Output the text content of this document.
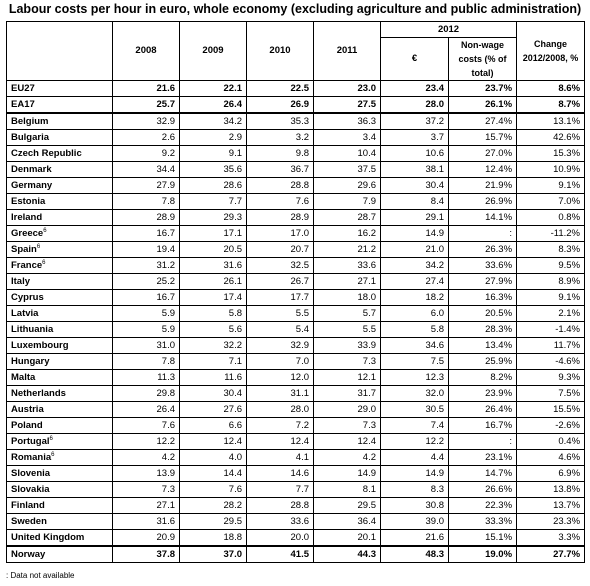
Labour costs per hour in euro, whole economy (excluding agriculture and public administration)
	2008	2009	2010	2011	2012		Change 2012/2008, %
					€	Non-wage costs (% of total)	
EU27	21.6	22.1	22.5	23.0	23.4	23.7%	8.6%
EA17	25.7	26.4	26.9	27.5	28.0	26.1%	8.7%
Belgium	32.9	34.2	35.3	36.3	37.2	27.4%	13.1%
Bulgaria	2.6	2.9	3.2	3.4	3.7	15.7%	42.6%
Czech Republic	9.2	9.1	9.8	10.4	10.6	27.0%	15.3%
Denmark	34.4	35.6	36.7	37.5	38.1	12.4%	10.9%
Germany	27.9	28.6	28.8	29.6	30.4	21.9%	9.1%
Estonia	7.8	7.7	7.6	7.9	8.4	26.9%	7.0%
Ireland	28.9	29.3	28.9	28.7	29.1	14.1%	0.8%
Greece$^6$	16.7	17.1	17.0	16.2	14.9	:	-11.2%
Spain$^6$	19.4	20.5	20.7	21.2	21.0	26.3%	8.3%
France$^6$	31.2	31.6	32.5	33.6	34.2	33.6%	9.5%
Italy	25.2	26.1	26.7	27.1	27.4	27.9%	8.9%
Cyprus	16.7	17.4	17.7	18.0	18.2	16.3%	9.1%
Latvia	5.9	5.8	5.5	5.7	6.0	20.5%	2.1%
Lithuania	5.9	5.6	5.4	5.5	5.8	28.3%	-1.4%
Luxembourg	31.0	32.2	32.9	33.9	34.6	13.4%	11.7%
Hungary	7.8	7.1	7.0	7.3	7.5	25.9%	-4.6%
Malta	11.3	11.6	12.0	12.1	12.3	8.2%	9.3%
Netherlands	29.8	30.4	31.1	31.7	32.0	23.9%	7.5%
Austria	26.4	27.6	28.0	29.0	30.5	26.4%	15.5%
Poland	7.6	6.6	7.2	7.3	7.4	16.7%	-2.6%
Portugal$^6$	12.2	12.4	12.4	12.4	12.2	:	0.4%
Romania$^6$	4.2	4.0	4.1	4.2	4.4	23.1%	4.6%
Slovenia	13.9	14.4	14.6	14.9	14.9	14.7%	6.9%
Slovakia	7.3	7.6	7.7	8.1	8.3	26.6%	13.8%
Finland	27.1	28.2	28.8	29.5	30.8	22.3%	13.7%
Sweden	31.6	29.5	33.6	36.4	39.0	33.3%	23.3%
United Kingdom	20.9	18.8	20.0	20.1	21.6	15.1%	3.3%
Norway	37.8	37.0	41.5	44.3	48.3	19.0%	27.7%
: Data not available
